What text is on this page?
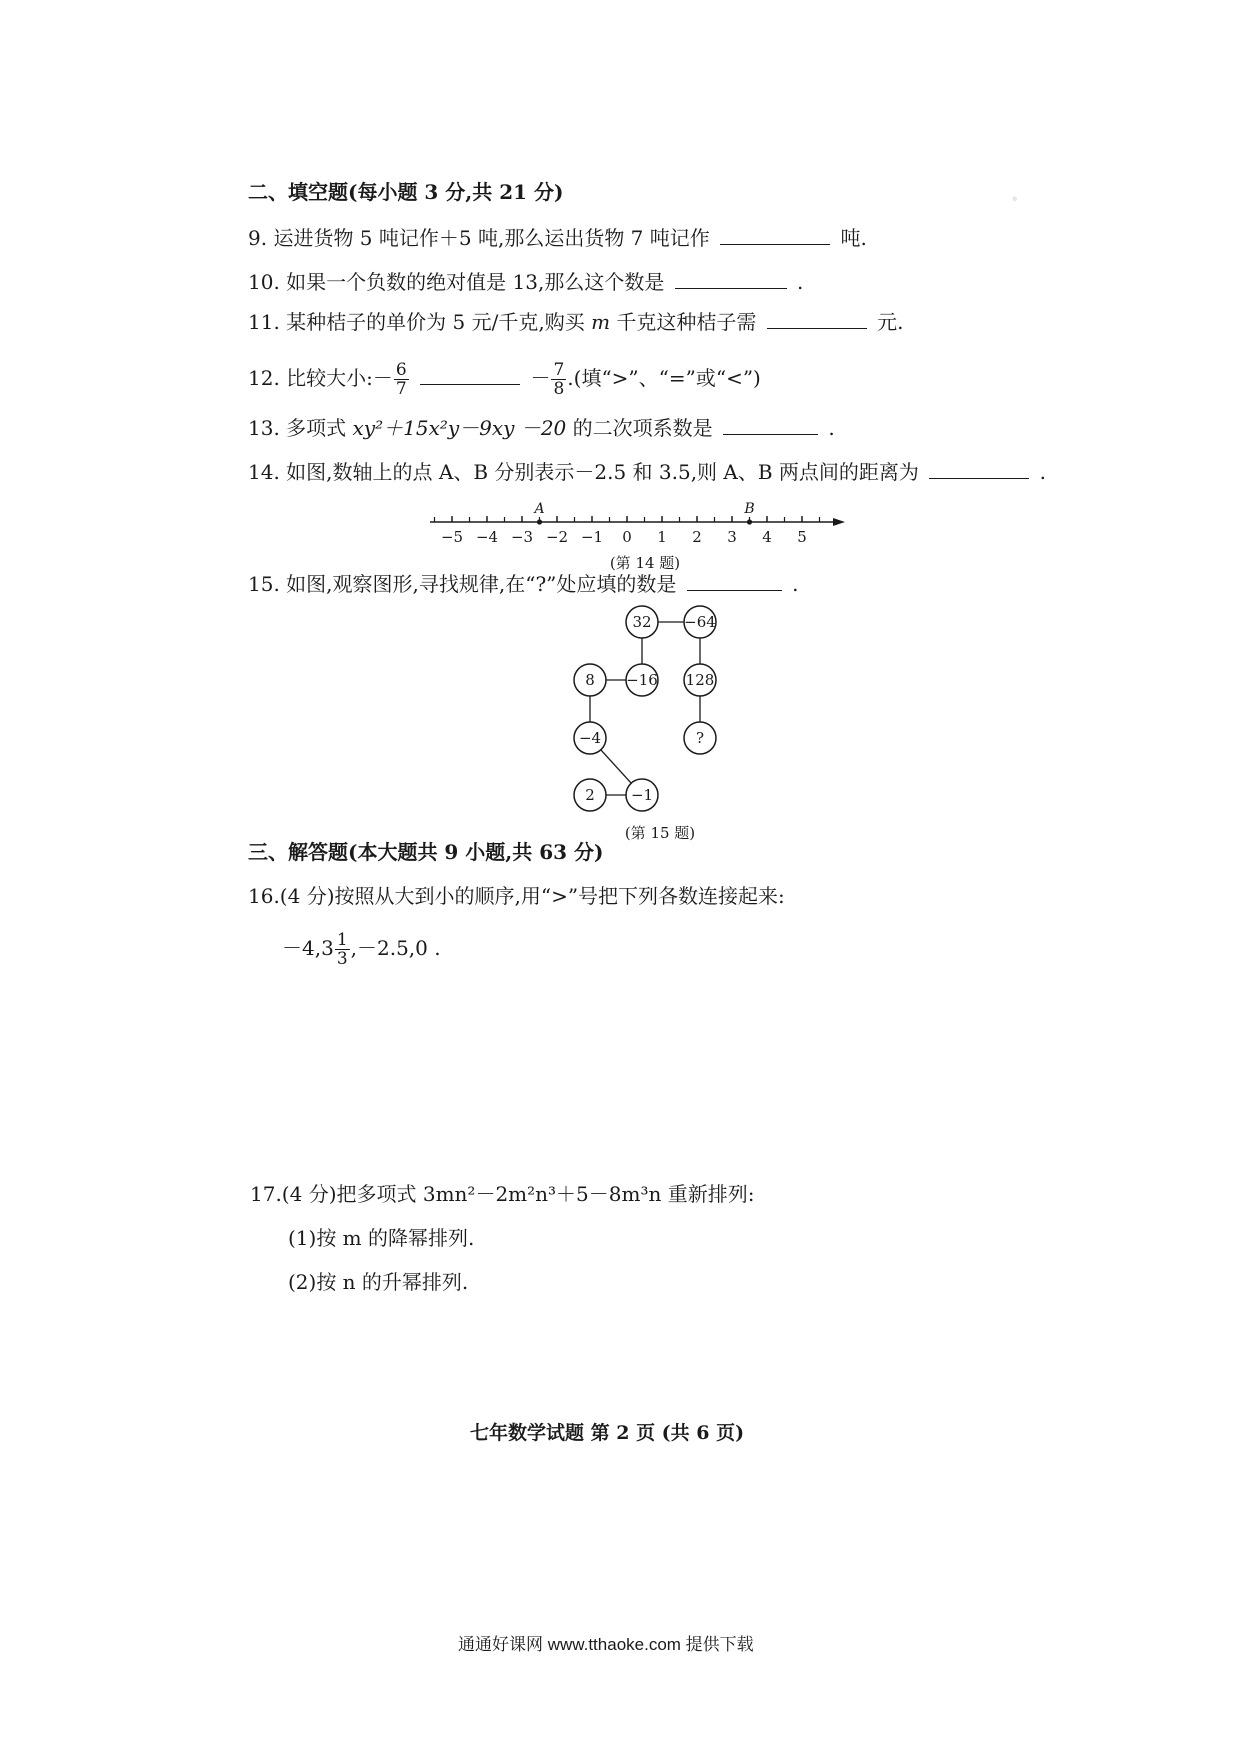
•
二、填空题(每小题 3 分,共 21 分)
9. 运进货物 5 吨记作＋5 吨,那么运出货物 7 吨记作	吨.
10. 如果一个负数的绝对值是 13,那么这个数是	.
11. 某种桔子的单价为 5 元/千克,购买 m 千克这种桔子需	元.
12. 比较大小:－ $\frac{6}{7}$	－ $\frac{7}{8}$ .(填“>”、“=”或“<”)
13. 多项式 xy²＋15x²y－9xy －20 的二次项系数是	.
14. 如图,数轴上的点 A、B 分别表示－2.5 和 3.5,则 A、B 两点间的距离为	.
−5 −4 −3 −2 −1 0 1 2 3 4 5
A	B
(第 14 题)
15. 如图,观察图形,寻找规律,在“?”处应填的数是	.
2 −1
−4
8 −16
32 −64
128
?
(第 15 题)
三、解答题(本大题共 9 小题,共 63 分)
16.(4 分)按照从大到小的顺序,用“>”号把下列各数连接起来:
$-4,3 \frac{1}{3} ,-2.5,0$ .
17.(4 分)把多项式 3mn²－2m²n³＋5－8m³n 重新排列:
(1)按 m 的降幂排列.
(2)按 n 的升幂排列.
七年数学试题 第 2 页 (共 6 页)
通通好课网 www.tthaoke.com 提供下载
